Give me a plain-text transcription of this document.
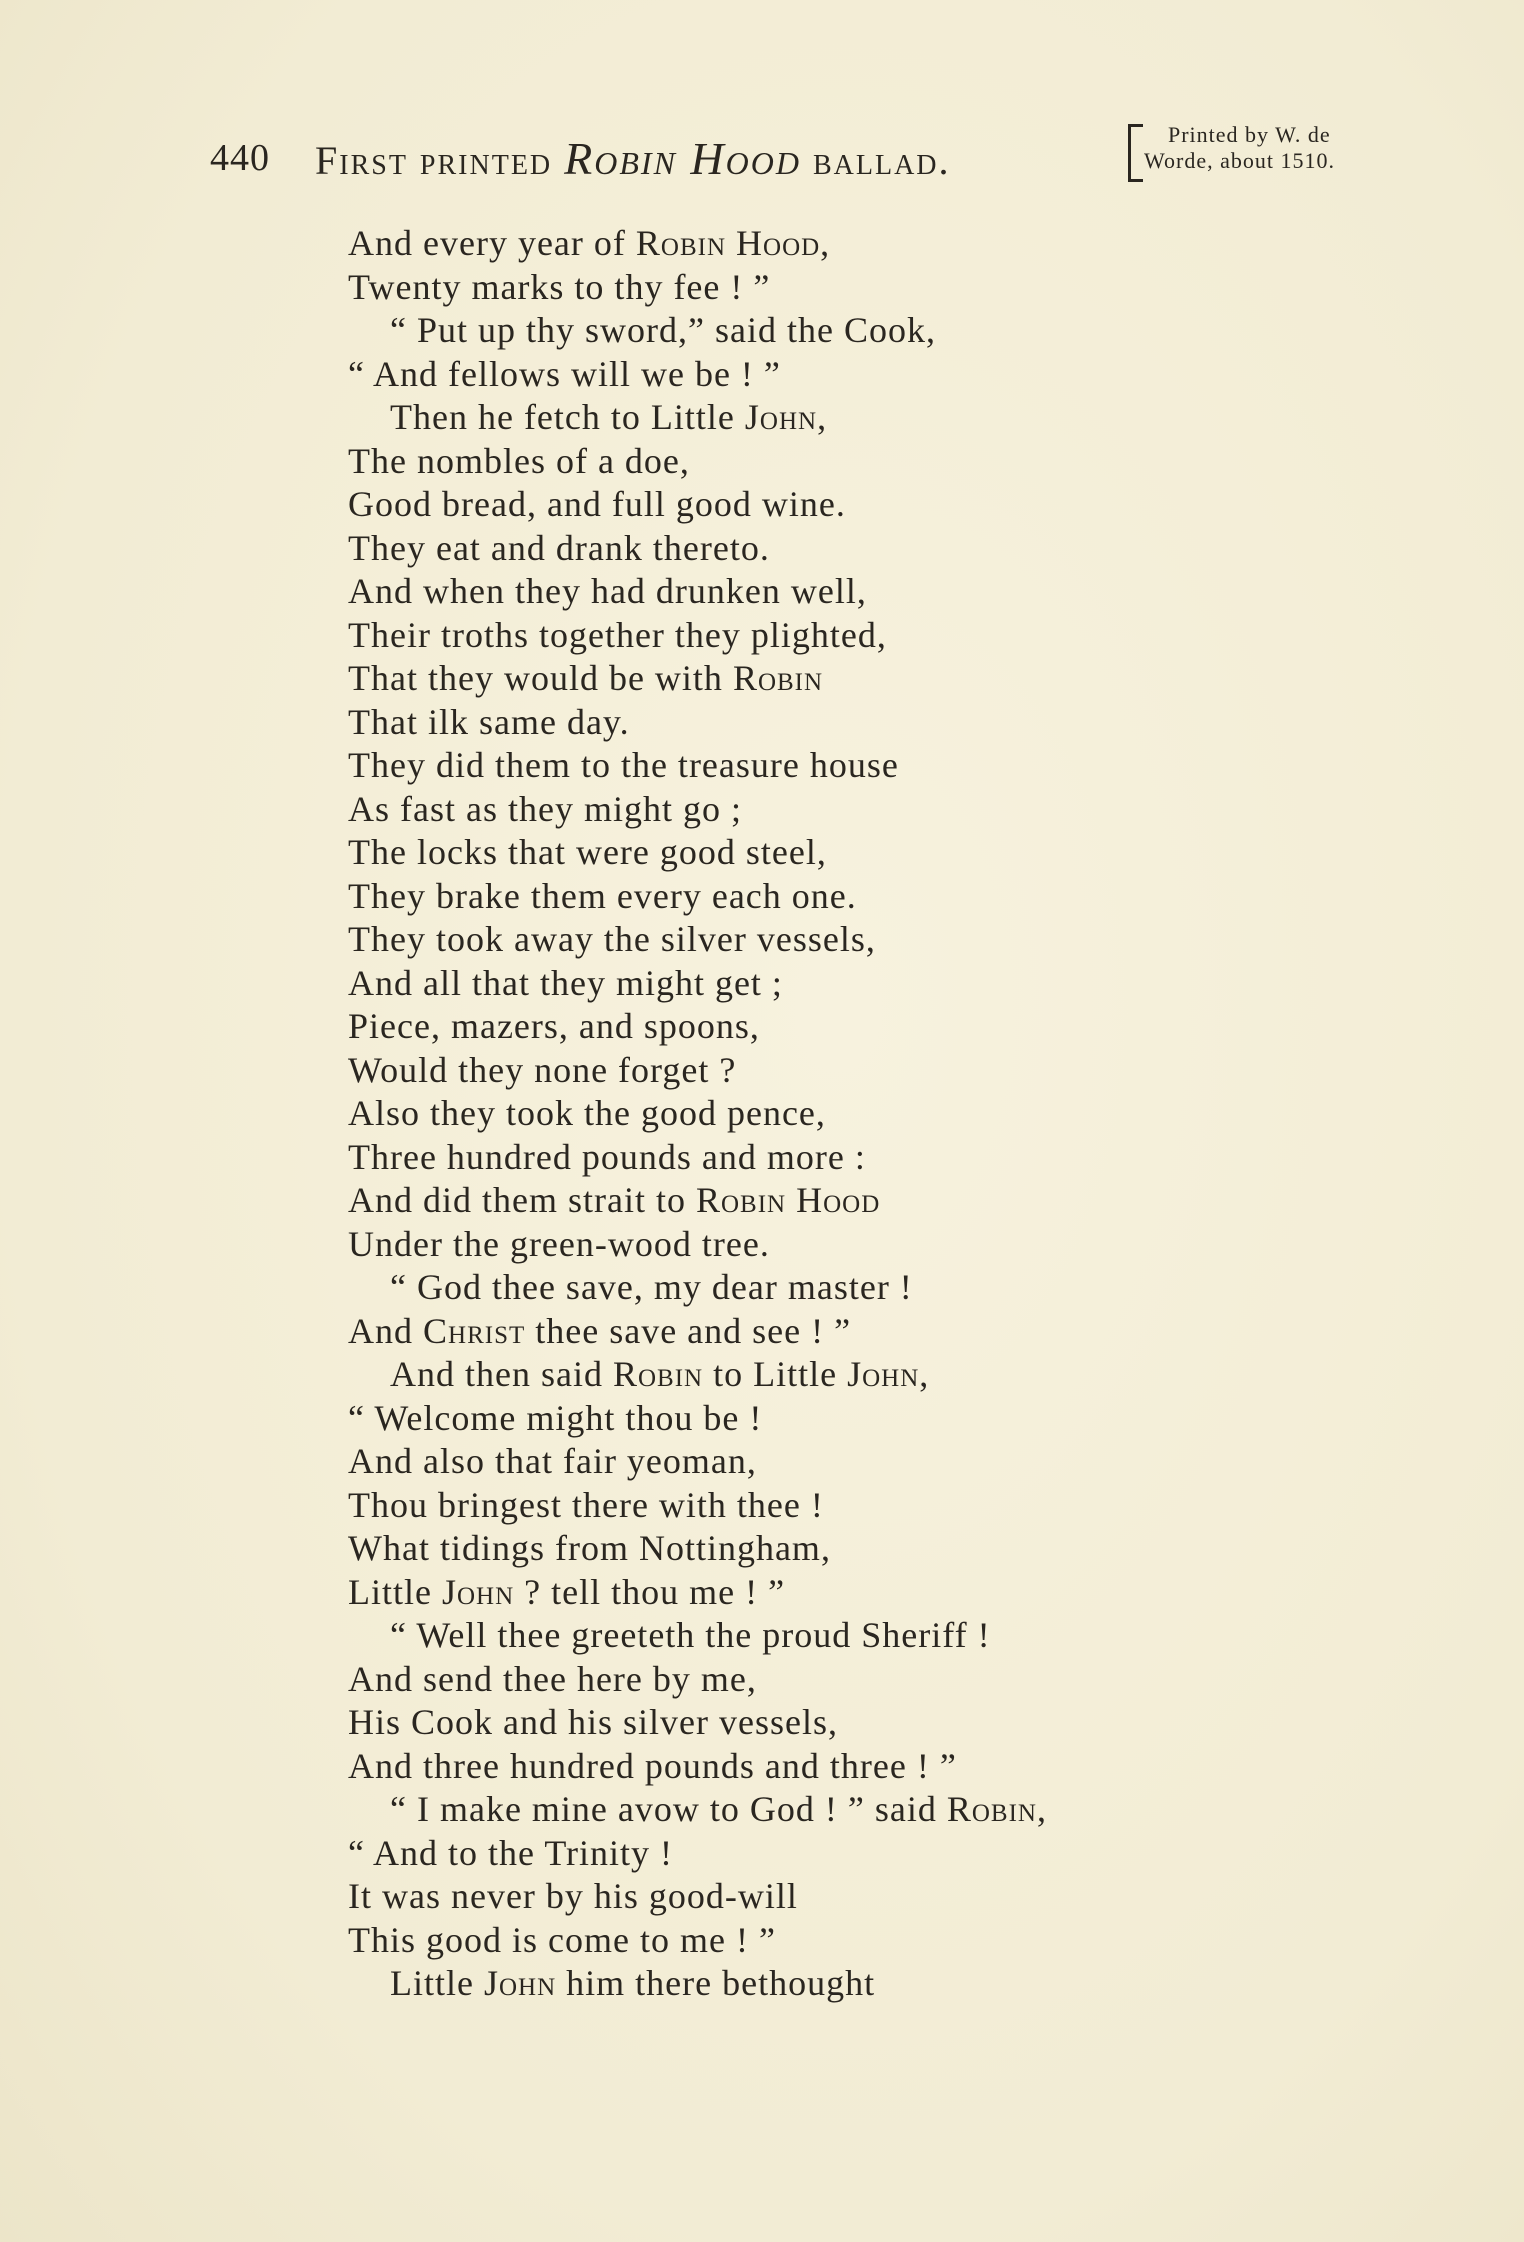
440 First printed Robin Hood ballad.
Printed by W. de
Worde, about 1510.
And every year of Robin Hood,
Twenty marks to thy fee ! ”
“ Put up thy sword,” said the Cook,
“ And fellows will we be ! ”
Then he fetch to Little John,
The nombles of a doe,
Good bread, and full good wine.
They eat and drank thereto.
And when they had drunken well,
Their troths together they plighted,
That they would be with Robin
That ilk same day.
They did them to the treasure house
As fast as they might go ;
The locks that were good steel,
They brake them every each one.
They took away the silver vessels,
And all that they might get ;
Piece, mazers, and spoons,
Would they none forget ?
Also they took the good pence,
Three hundred pounds and more :
And did them strait to Robin Hood
Under the green-wood tree.
“ God thee save, my dear master !
And Christ thee save and see ! ”
And then said Robin to Little John,
“ Welcome might thou be !
And also that fair yeoman,
Thou bringest there with thee !
What tidings from Nottingham,
Little John ? tell thou me ! ”
“ Well thee greeteth the proud Sheriff !
And send thee here by me,
His Cook and his silver vessels,
And three hundred pounds and three ! ”
“ I make mine avow to God ! ” said Robin,
“ And to the Trinity !
It was never by his good-will
This good is come to me ! ”
Little John him there bethought
